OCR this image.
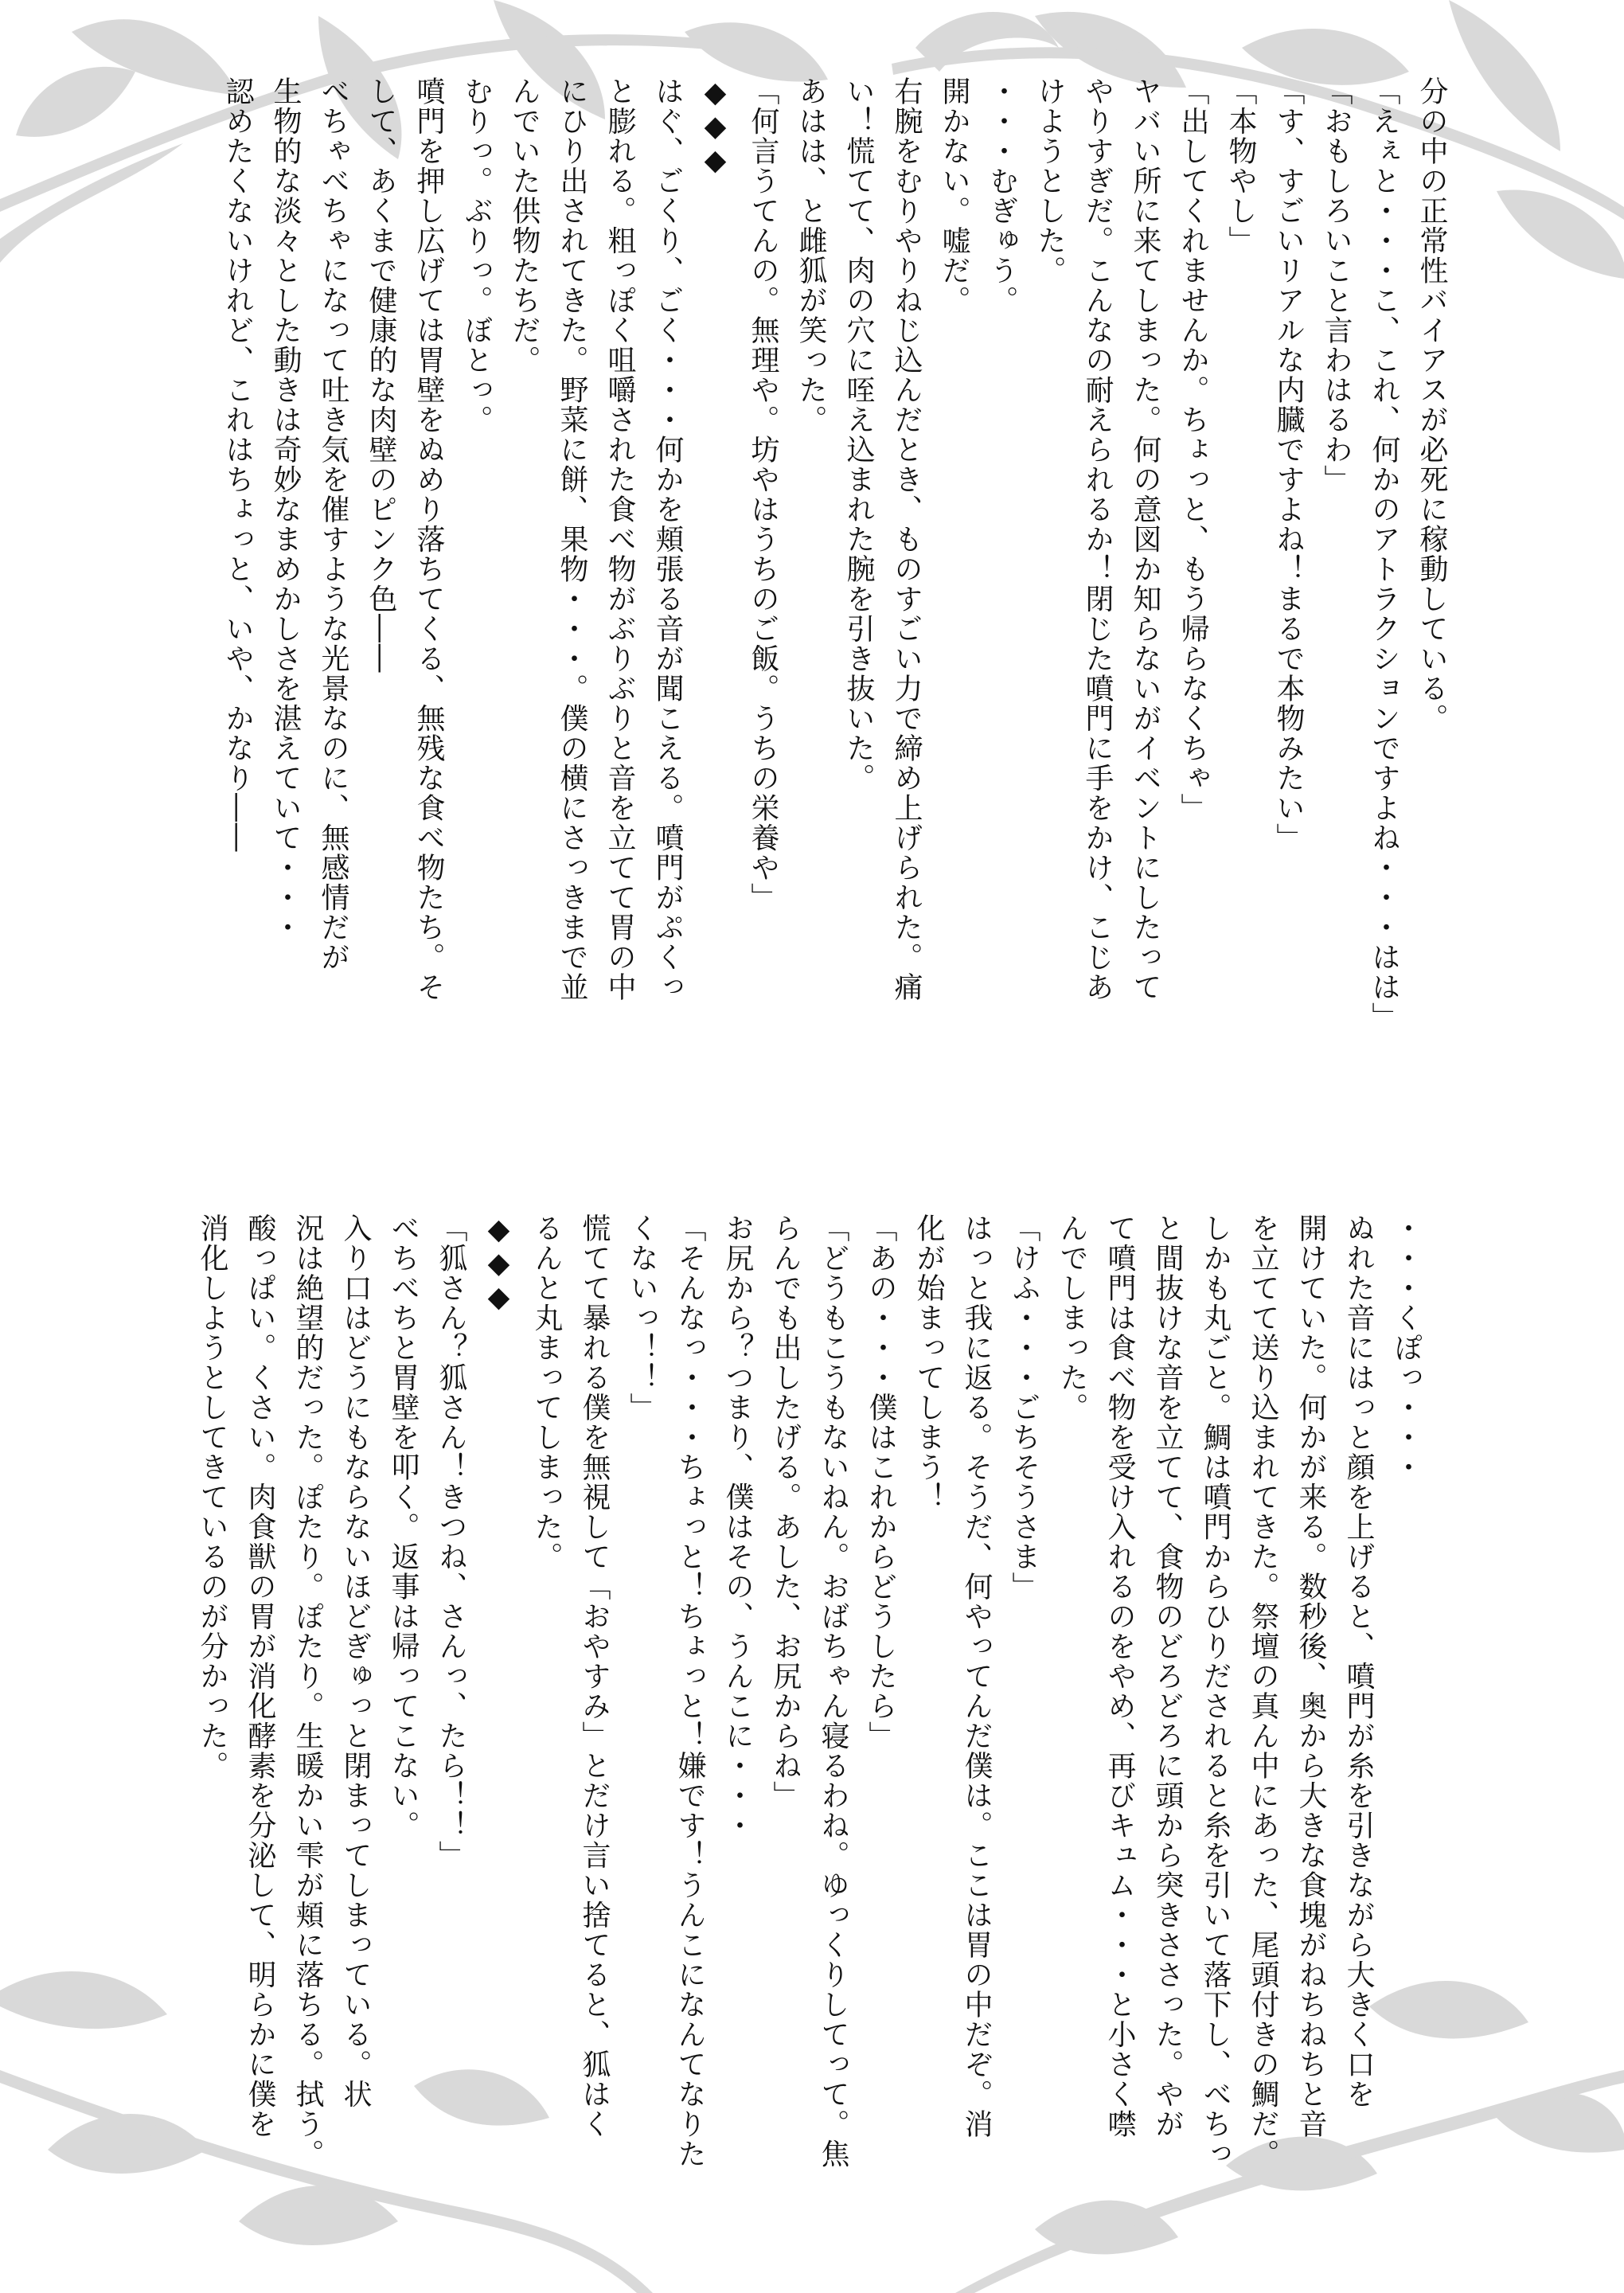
分の中の正常性バイアスが必死に稼動している。
「えぇと・・・こ、これ、何かのアトラクションですよね・・・はは」
「おもしろいこと言わはるわ」
「す、すごいリアルな内臓ですよね！まるで本物みたい」
「本物やし」
「出してくれませんか。ちょっと、もう帰らなくちゃ」
ヤバい所に来てしまった。何の意図か知らないがイベントにしたって
やりすぎだ。こんなの耐えられるか！閉じた噴門に手をかけ、こじあ
けようとした。
・・・むぎゅう。
開かない。嘘だ。
右腕をむりやりねじ込んだとき、ものすごい力で締め上げられた。痛
い！慌てて、肉の穴に咥え込まれた腕を引き抜いた。
あはは、と雌狐が笑った。
「何言うてんの。無理や。坊やはうちのご飯。うちの栄養や」
◆◆◆
はぐ、ごくり、ごく・・・何かを頬張る音が聞こえる。噴門がぷくっ
と膨れる。粗っぽく咀嚼された食べ物がぶりぶりと音を立てて胃の中
にひり出されてきた。野菜に餅、果物・・・。僕の横にさっきまで並
んでいた供物たちだ。
むりっ。ぶりっ。ぼとっ。
噴門を押し広げては胃壁をぬめり落ちてくる、無残な食べ物たち。そ
して、あくまで健康的な肉壁のピンク色――
べちゃべちゃになって吐き気を催すような光景なのに、無感情だが
生物的な淡々とした動きは奇妙なまめかしさを湛えていて・・・
認めたくないけれど、これはちょっと、いや、かなり――
・・・くぽっ・・・
ぬれた音にはっと顔を上げると、噴門が糸を引きながら大きく口を
開けていた。何かが来る。数秒後、奥から大きな食塊がねちねちと音
を立てて送り込まれてきた。祭壇の真ん中にあった、尾頭付きの鯛だ。
しかも丸ごと。鯛は噴門からひりだされると糸を引いて落下し、べちっ
と間抜けな音を立てて、食物のどろどろに頭から突きささった。やが
て噴門は食べ物を受け入れるのをやめ、再びキュム・・・と小さく噤
んでしまった。
「けふ・・・ごちそうさま」
はっと我に返る。そうだ、何やってんだ僕は。ここは胃の中だぞ。消
化が始まってしまう！
「あの・・・僕はこれからどうしたら」
「どうもこうもないねん。おばちゃん寝るわね。ゆっくりしてって。焦
らんでも出したげる。あした、お尻からね」
お尻から？つまり、僕はその、うんこに・・・
「そんなっ・・・ちょっと！ちょっと！嫌です！うんこになんてなりた
くないっ！！」
慌てて暴れる僕を無視して「おやすみ」とだけ言い捨てると、狐はく
るんと丸まってしまった。
◆◆◆
「狐さん？狐さん！きつね、さんっ、たら！！」
べちべちと胃壁を叩く。返事は帰ってこない。
入り口はどうにもならないほどぎゅっと閉まってしまっている。状
況は絶望的だった。ぽたり。ぽたり。生暖かい雫が頬に落ちる。拭う。
酸っぱい。くさい。肉食獣の胃が消化酵素を分泌して、明らかに僕を
消化しようとしてきているのが分かった。
